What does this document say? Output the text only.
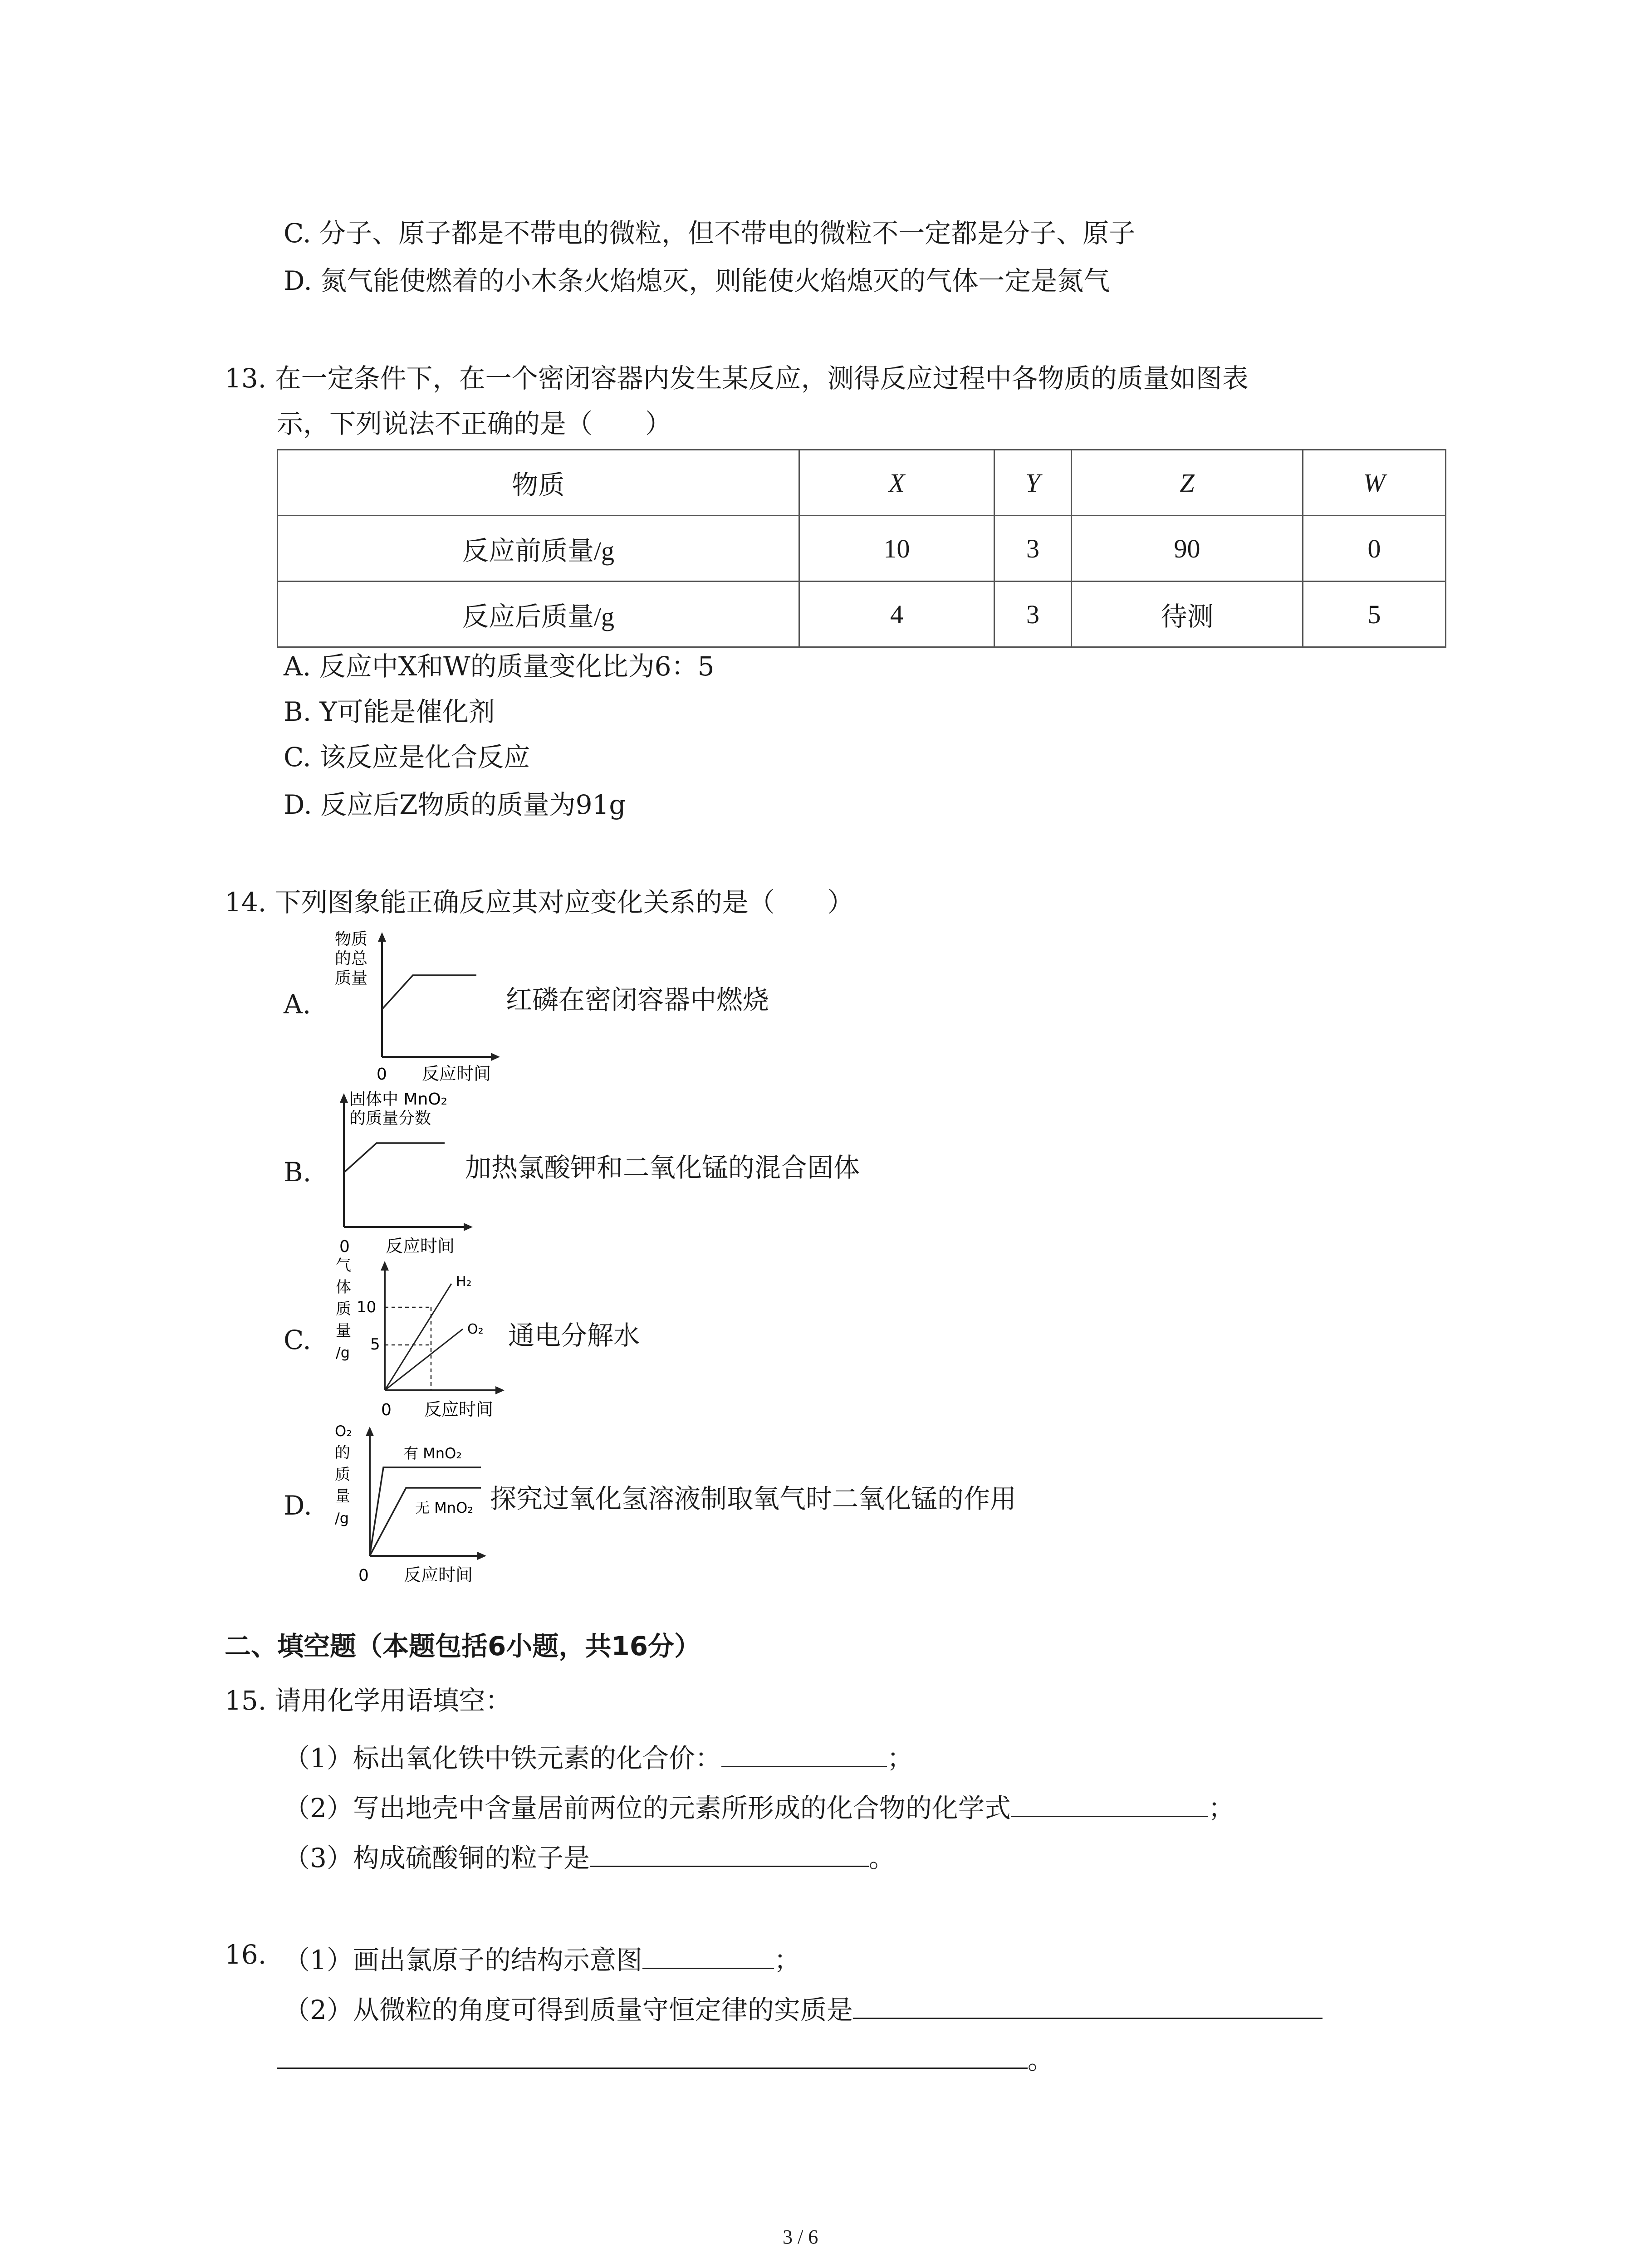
C. 分子、原子都是不带电的微粒，但不带电的微粒不一定都是分子、原子
D. 氮气能使燃着的小木条火焰熄灭，则能使火焰熄灭的气体一定是氮气
13. 在一定条件下，在一个密闭容器内发生某反应，测得反应过程中各物质的质量如图表
示，下列说法不正确的是（　　）
物质	X	Y	Z	W
反应前质量/g	10	3	90	0
反应后质量/g	4	3	待测	5
A. 反应中X和W的质量变化比为6：5
B. Y可能是催化剂
C. 该反应是化合反应
D. 反应后Z物质的质量为91g
14. 下列图象能正确反应其对应变化关系的是（　　）
A.
物质
的总
质量
0 反应时间
红磷在密闭容器中燃烧
B.
固体中 MnO₂
的质量分数
0 反应时间
加热氯酸钾和二氧化锰的混合固体
C.
气
体
质
量
/g
10
5
H₂
O₂
0 反应时间
通电分解水
D.
O₂
的
质
量
/g
有 MnO₂
无 MnO₂
0 反应时间
探究过氧化氢溶液制取氧气时二氧化锰的作用
二、填空题（本题包括6小题，共16分）
15. 请用化学用语填空：
（1）标出氧化铁中铁元素的化合价：	；
（2）写出地壳中含量居前两位的元素所形成的化合物的化学式	；
（3）构成硫酸铜的粒子是	。
16. （1）画出氯原子的结构示意图	；
（2）从微粒的角度可得到质量守恒定律的实质是
。
3 / 6
